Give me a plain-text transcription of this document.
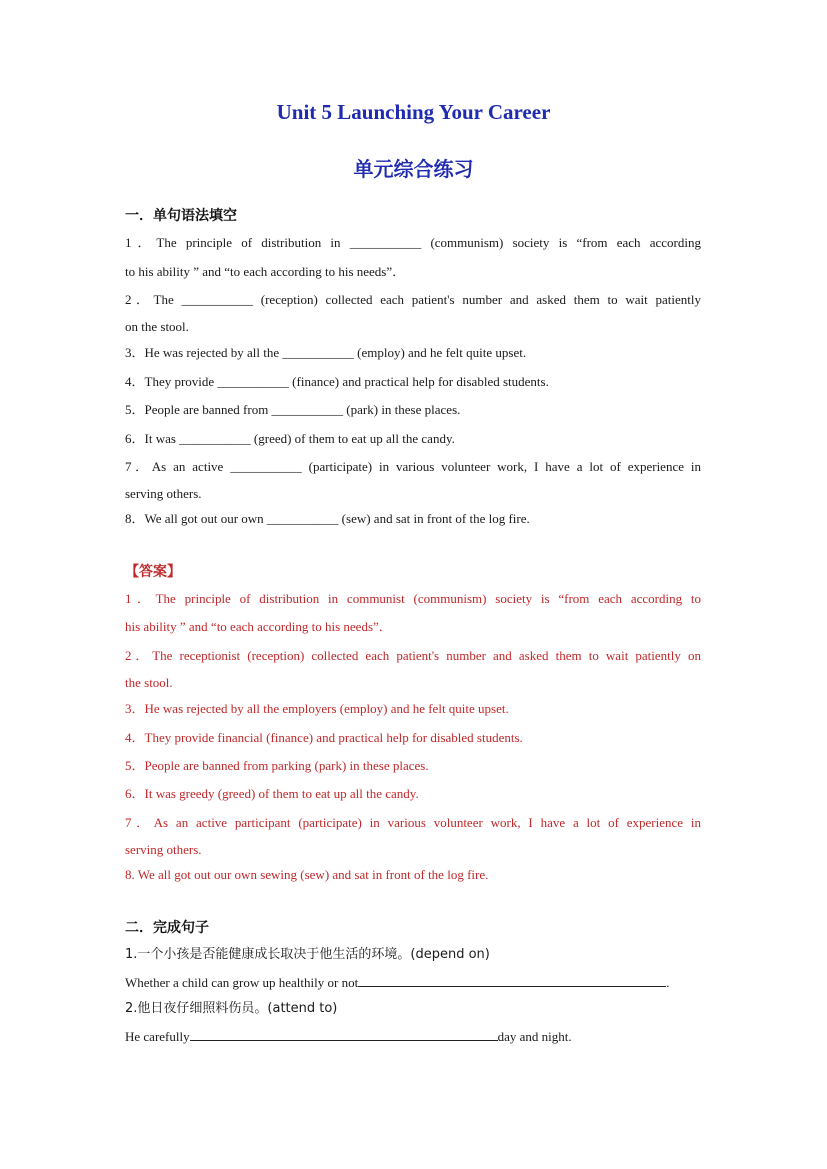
Unit 5 Launching Your Career
单元综合练习
一．单句语法填空
1．The principle of distribution in ___________ (communism) society is “from each according
to his ability ” and “to each according to his needs”．
2．The ___________ (reception) collected each patient's number and asked them to wait patiently
on the stool.
3．He was rejected by all the ___________ (employ) and he felt quite upset.
4．They provide ___________ (finance) and practical help for disabled students.
5．People are banned from ___________ (park) in these places.
6．It was ___________ (greed) of them to eat up all the candy.
7．As an active ___________ (participate) in various volunteer work, I have a lot of experience in
serving others.
8．We all got out our own ___________ (sew) and sat in front of the log fire.
【答案】
1．The principle of distribution in communist (communism) society is “from each according to
his ability ” and “to each according to his needs”．
2．The receptionist (reception) collected each patient's number and asked them to wait patiently on
the stool.
3．He was rejected by all the employers (employ) and he felt quite upset.
4．They provide financial (finance) and practical help for disabled students.
5．People are banned from parking (park) in these places.
6．It was greedy (greed) of them to eat up all the candy.
7．As an active participant (participate) in various volunteer work, I have a lot of experience in
serving others.
8. We all got out our own sewing (sew) and sat in front of the log fire.
二．完成句子
1.一个小孩是否能健康成长取决于他生活的环境。(depend on)
Whether a child can grow up healthily or not	.
2.他日夜仔细照料伤员。(attend to)
He carefully	day and night.
